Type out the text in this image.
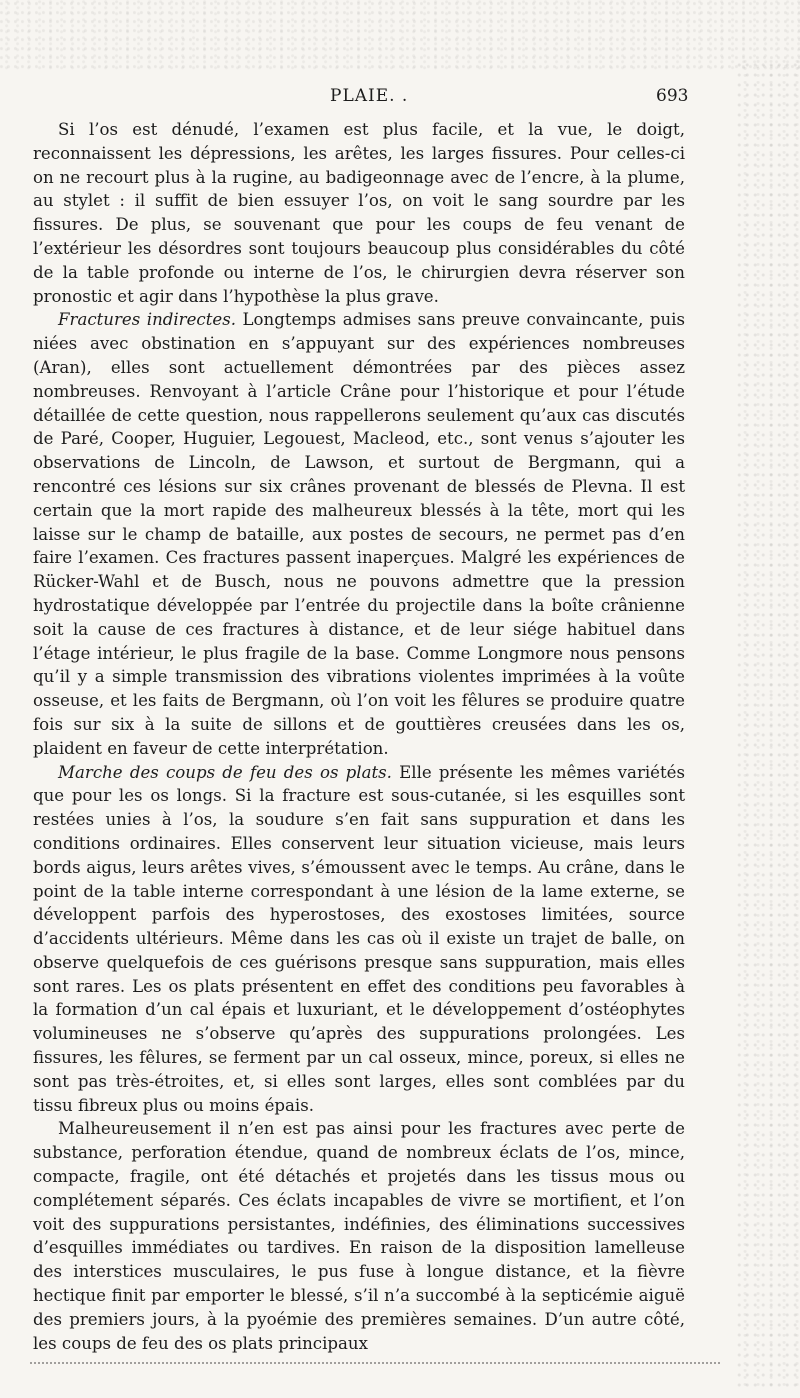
PLAIE. .	693

Si l’os est dénudé, l’examen est plus facile, et la vue, le doigt, reconnaissent les dépressions, les arêtes, les larges fissures. Pour celles-ci on ne recourt plus à la rugine, au badigeonnage avec de l’encre, à la plume, au stylet : il suffit de bien essuyer l’os, on voit le sang sourdre par les fissures. De plus, se souvenant que pour les coups de feu venant de l’extérieur les désordres sont toujours beaucoup plus considérables du côté de la table profonde ou interne de l’os, le chirurgien devra réserver son pronostic et agir dans l’hypothèse la plus grave.

Fractures indirectes. Longtemps admises sans preuve convaincante, puis niées avec obstination en s’appuyant sur des expériences nombreuses (Aran), elles sont actuellement démontrées par des pièces assez nombreuses. Renvoyant à l’article Crâne pour l’historique et pour l’étude détaillée de cette question, nous rappellerons seulement qu’aux cas discutés de Paré, Cooper, Huguier, Legouest, Macleod, etc., sont venus s’ajouter les observations de Lincoln, de Lawson, et surtout de Bergmann, qui a rencontré ces lésions sur six crânes provenant de blessés de Plevna. Il est certain que la mort rapide des malheureux blessés à la tête, mort qui les laisse sur le champ de bataille, aux postes de secours, ne permet pas d’en faire l’examen. Ces fractures passent inaperçues. Malgré les expériences de Rücker-Wahl et de Busch, nous ne pouvons admettre que la pression hydrostatique développée par l’entrée du projectile dans la boîte crânienne soit la cause de ces fractures à distance, et de leur siége habituel dans l’étage intérieur, le plus fragile de la base. Comme Longmore nous pensons qu’il y a simple transmission des vibrations violentes imprimées à la voûte osseuse, et les faits de Bergmann, où l’on voit les fêlures se produire quatre fois sur six à la suite de sillons et de gouttières creusées dans les os, plaident en faveur de cette interprétation.

Marche des coups de feu des os plats. Elle présente les mêmes variétés que pour les os longs. Si la fracture est sous-cutanée, si les esquilles sont restées unies à l’os, la soudure s’en fait sans suppuration et dans les conditions ordinaires. Elles conservent leur situation vicieuse, mais leurs bords aigus, leurs arêtes vives, s’émoussent avec le temps. Au crâne, dans le point de la table interne correspondant à une lésion de la lame externe, se développent parfois des hyperostoses, des exostoses limitées, source d’accidents ultérieurs. Même dans les cas où il existe un trajet de balle, on observe quelquefois de ces guérisons presque sans suppuration, mais elles sont rares. Les os plats présentent en effet des conditions peu favorables à la formation d’un cal épais et luxuriant, et le développement d’ostéophytes volumineuses ne s’observe qu’après des suppurations prolongées. Les fissures, les fêlures, se ferment par un cal osseux, mince, poreux, si elles ne sont pas très-étroites, et, si elles sont larges, elles sont comblées par du tissu fibreux plus ou moins épais.

Malheureusement il n’en est pas ainsi pour les fractures avec perte de substance, perforation étendue, quand de nombreux éclats de l’os, mince, compacte, fragile, ont été détachés et projetés dans les tissus mous ou complétement séparés. Ces éclats incapables de vivre se mortifient, et l’on voit des suppurations persistantes, indéfinies, des éliminations successives d’esquilles immédiates ou tardives. En raison de la disposition lamelleuse des interstices musculaires, le pus fuse à longue distance, et la fièvre hectique finit par emporter le blessé, s’il n’a succombé à la septicémie aiguë des premiers jours, à la pyoémie des premières semaines. D’un autre côté, les coups de feu des os plats principaux
